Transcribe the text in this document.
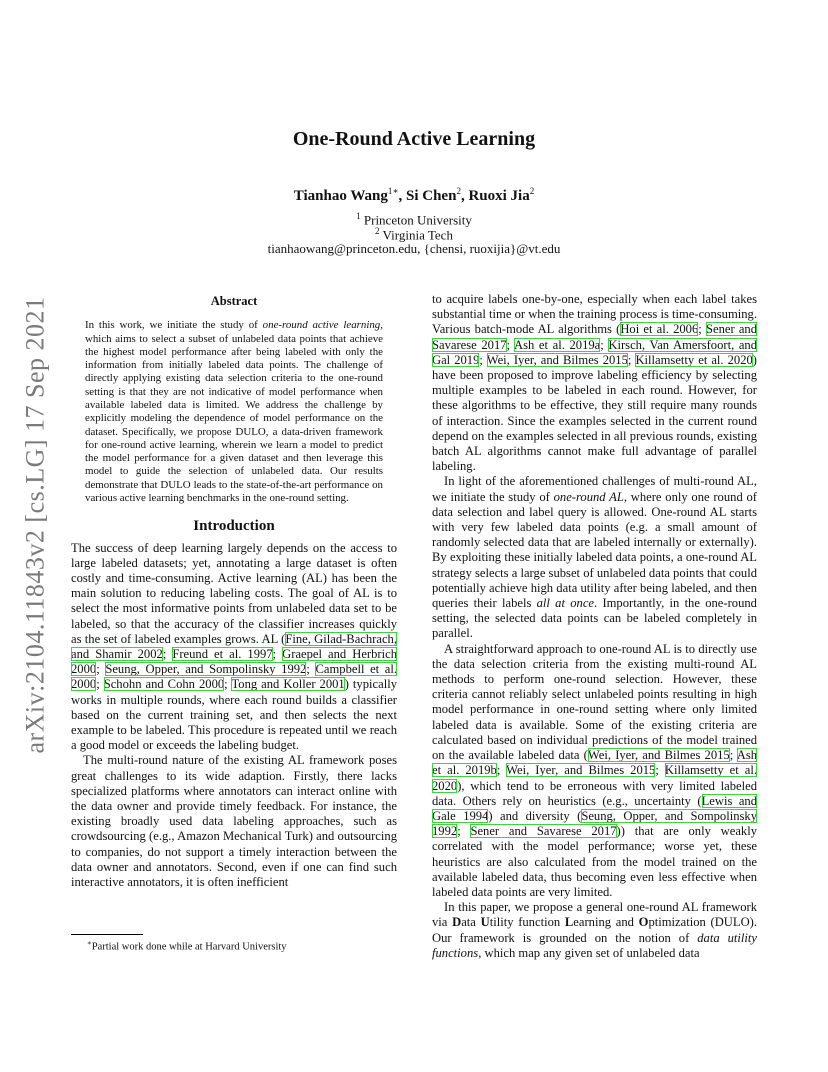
arXiv:2104.11843v2 [cs.LG] 17 Sep 2021
One-Round Active Learning
Tianhao Wang$^{1∗}$, Si Chen$^2$, Ruoxi Jia$^2$
$^1$ Princeton University
$^2$ Virginia Tech
tianhaowang@princeton.edu, {chensi, ruoxijia}@vt.edu
Abstract
In this work, we initiate the study of one-round active learning, which aims to select a subset of unlabeled data points that achieve the highest model performance after being labeled with only the information from initially labeled data points. The challenge of directly applying existing data selection criteria to the one-round setting is that they are not indicative of model performance when available labeled data is limited. We address the challenge by explicitly modeling the dependence of model performance on the dataset. Specifically, we propose DULO, a data-driven framework for one-round active learning, wherein we learn a model to predict the model performance for a given dataset and then leverage this model to guide the selection of unlabeled data. Our results demonstrate that DULO leads to the state-of-the-art performance on various active learning benchmarks in the one-round setting.
Introduction

The success of deep learning largely depends on the access to large labeled datasets; yet, annotating a large dataset is often costly and time-consuming. Active learning (AL) has been the main solution to reducing labeling costs. The goal of AL is to select the most informative points from unlabeled data set to be labeled, so that the accuracy of the classifier increases quickly as the set of labeled examples grows. AL (Fine, Gilad-Bachrach, and Shamir 2002; Freund et al. 1997; Graepel and Herbrich 2000; Seung, Opper, and Sompolinsky 1992; Campbell et al. 2000; Schohn and Cohn 2000; Tong and Koller 2001) typically works in multiple rounds, where each round builds a classifier based on the current training set, and then selects the next example to be labeled. This procedure is repeated until we reach a good model or exceeds the labeling budget.

The multi-round nature of the existing AL framework poses great challenges to its wide adaption. Firstly, there lacks specialized platforms where annotators can interact online with the data owner and provide timely feedback. For instance, the existing broadly used data labeling approaches, such as crowdsourcing (e.g., Amazon Mechanical Turk) and outsourcing to companies, do not support a timely interaction between the data owner and annotators. Second, even if one can find such interactive annotators, it is often inefficient

to acquire labels one-by-one, especially when each label takes substantial time or when the training process is time-consuming. Various batch-mode AL algorithms (Hoi et al. 2006; Sener and Savarese 2017; Ash et al. 2019a; Kirsch, Van Amersfoort, and Gal 2019; Wei, Iyer, and Bilmes 2015; Killamsetty et al. 2020) have been proposed to improve labeling efficiency by selecting multiple examples to be labeled in each round. However, for these algorithms to be effective, they still require many rounds of interaction. Since the examples selected in the current round depend on the examples selected in all previous rounds, existing batch AL algorithms cannot make full advantage of parallel labeling.

In light of the aforementioned challenges of multi-round AL, we initiate the study of one-round AL, where only one round of data selection and label query is allowed. One-round AL starts with very few labeled data points (e.g. a small amount of randomly selected data that are labeled internally or externally). By exploiting these initially labeled data points, a one-round AL strategy selects a large subset of unlabeled data points that could potentially achieve high data utility after being labeled, and then queries their labels all at once. Importantly, in the one-round setting, the selected data points can be labeled completely in parallel.

A straightforward approach to one-round AL is to directly use the data selection criteria from the existing multi-round AL methods to perform one-round selection. However, these criteria cannot reliably select unlabeled points resulting in high model performance in one-round setting where only limited labeled data is available. Some of the existing criteria are calculated based on individual predictions of the model trained on the available labeled data (Wei, Iyer, and Bilmes 2015; Ash et al. 2019b; Wei, Iyer, and Bilmes 2015; Killamsetty et al. 2020), which tend to be erroneous with very limited labeled data. Others rely on heuristics (e.g., uncertainty (Lewis and Gale 1994) and diversity (Seung, Opper, and Sompolinsky 1992; Sener and Savarese 2017)) that are only weakly correlated with the model performance; worse yet, these heuristics are also calculated from the model trained on the available labeled data, thus becoming even less effective when labeled data points are very limited.

In this paper, we propose a general one-round AL framework via Data Utility function Learning and Optimization (DULO). Our framework is grounded on the notion of data utility functions, which map any given set of unlabeled data

∗Partial work done while at Harvard University
